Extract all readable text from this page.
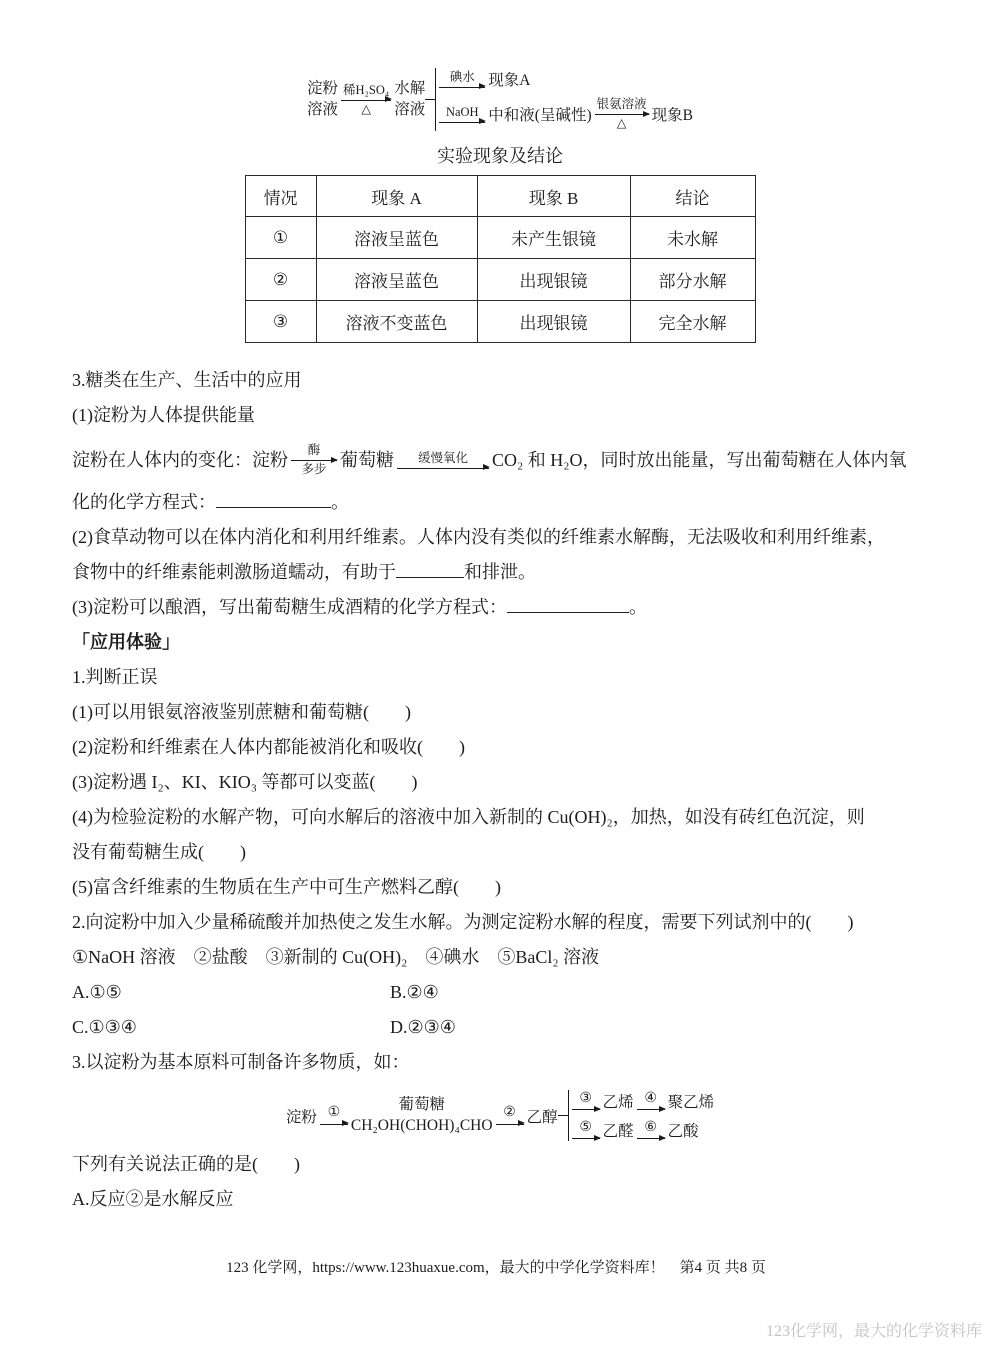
淀粉
溶液
稀H₂SO₄
△
水解
溶液
碘水 现象A
NaOH 中和液(呈碱性)
银氨溶液
△ 现象B
实验现象及结论
情况	现象 A	现象 B	结论
①	溶液呈蓝色	未产生银镜	未水解
②	溶液呈蓝色	出现银镜	部分水解
③	溶液不变蓝色	出现银镜	完全水解
3.糖类在生产、生活中的应用
(1)淀粉为人体提供能量
淀粉在人体内的变化：淀粉 酶
多步 葡萄糖 缓慢氧化 CO₂ 和 H₂O，同时放出能量，写出葡萄糖在人体内氧
化的化学方程式：	。
(2)食草动物可以在体内消化和利用纤维素。人体内没有类似的纤维素水解酶，无法吸收和利用纤维素，
食物中的纤维素能刺激肠道蠕动，有助于	和排泄。
(3)淀粉可以酿酒，写出葡萄糖生成酒精的化学方程式：	。
「应用体验」
1.判断正误
(1)可以用银氨溶液鉴别蔗糖和葡萄糖(　　)
(2)淀粉和纤维素在人体内都能被消化和吸收(　　)
(3)淀粉遇 I₂、KI、KIO₃ 等都可以变蓝(　　)
(4)为检验淀粉的水解产物，可向水解后的溶液中加入新制的 Cu(OH)₂，加热，如没有砖红色沉淀，则
没有葡萄糖生成(　　)
(5)富含纤维素的生物质在生产中可生产燃料乙醇(　　)
2.向淀粉中加入少量稀硫酸并加热使之发生水解。为测定淀粉水解的程度，需要下列试剂中的(　　)
①NaOH 溶液　②盐酸　③新制的 Cu(OH)₂　④碘水　⑤BaCl₂ 溶液
A.①⑤	B.②④
C.①③④	D.②③④
3.以淀粉为基本原料可制备许多物质，如：
淀粉 ①
葡萄糖
CH₂OH(CHOH)₄CHO
② 乙醇
③ 乙烯 ④ 聚乙烯
⑤ 乙醛 ⑥ 乙酸
下列有关说法正确的是(　　)
A.反应②是水解反应
123 化学网，https://www.123huaxue.com，最大的中学化学资料库！　第4 页 共8 页
123化学网，最大的化学资料库
